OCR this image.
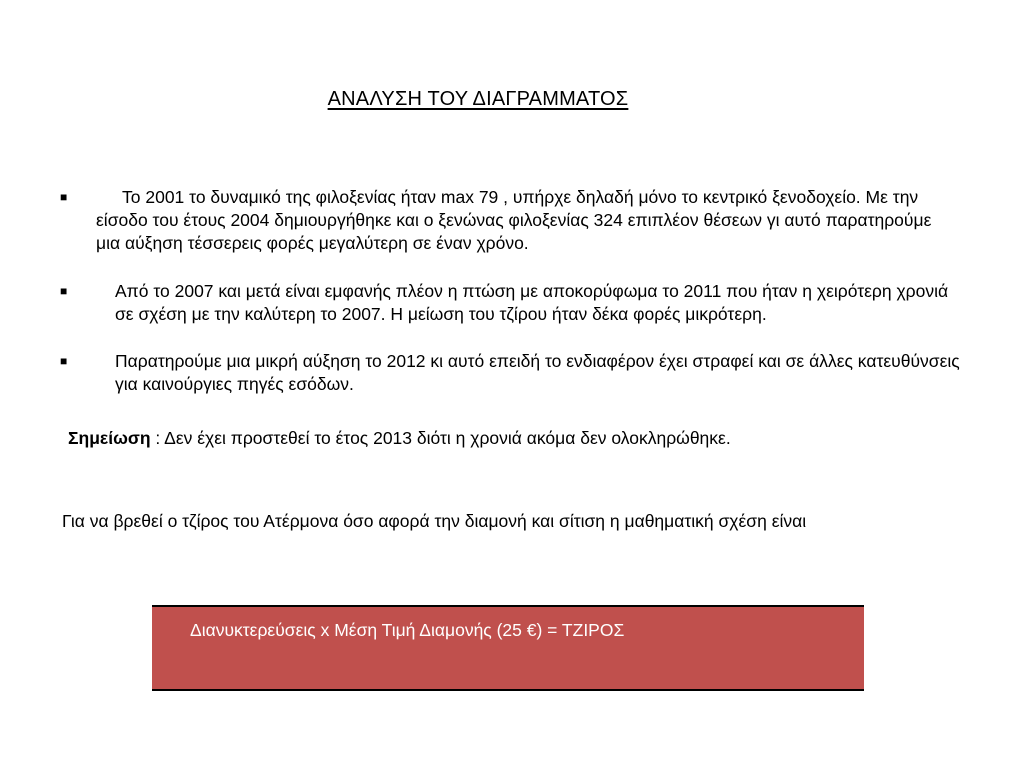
ΑΝΑΛΥΣΗ ΤΟΥ ΔΙΑΓΡΑΜΜΑΤΟΣ
■	Το 2001 το δυναμικό της φιλοξενίας ήταν max 79 , υπήρχε δηλαδή μόνο το κεντρικό ξενοδοχείο. Με την είσοδο του έτους 2004 δημιουργήθηκε και ο ξενώνας φιλοξενίας 324 επιπλέον θέσεων γι αυτό παρατηρούμε μια αύξηση τέσσερεις φορές μεγαλύτερη σε έναν χρόνο.

■	Από το 2007 και μετά είναι εμφανής πλέον η πτώση με αποκορύφωμα το 2011 που ήταν η χειρότερη χρονιά σε σχέση με την καλύτερη το 2007. Η μείωση του τζίρου ήταν δέκα φορές μικρότερη.

■	Παρατηρούμε μια μικρή αύξηση το 2012 κι αυτό επειδή το ενδιαφέρον έχει στραφεί και σε άλλες κατευθύνσεις για καινούργιες πηγές εσόδων.

Σημείωση : Δεν έχει προστεθεί το έτος 2013 διότι η χρονιά ακόμα δεν ολοκληρώθηκε.
Για να βρεθεί ο τζίρος του Ατέρμονα όσο αφορά την διαμονή και σίτιση η μαθηματική σχέση είναι
Διανυκτερεύσεις x Μέση Τιμή Διαμονής (25 €) = ΤΖΙΡΟΣ
